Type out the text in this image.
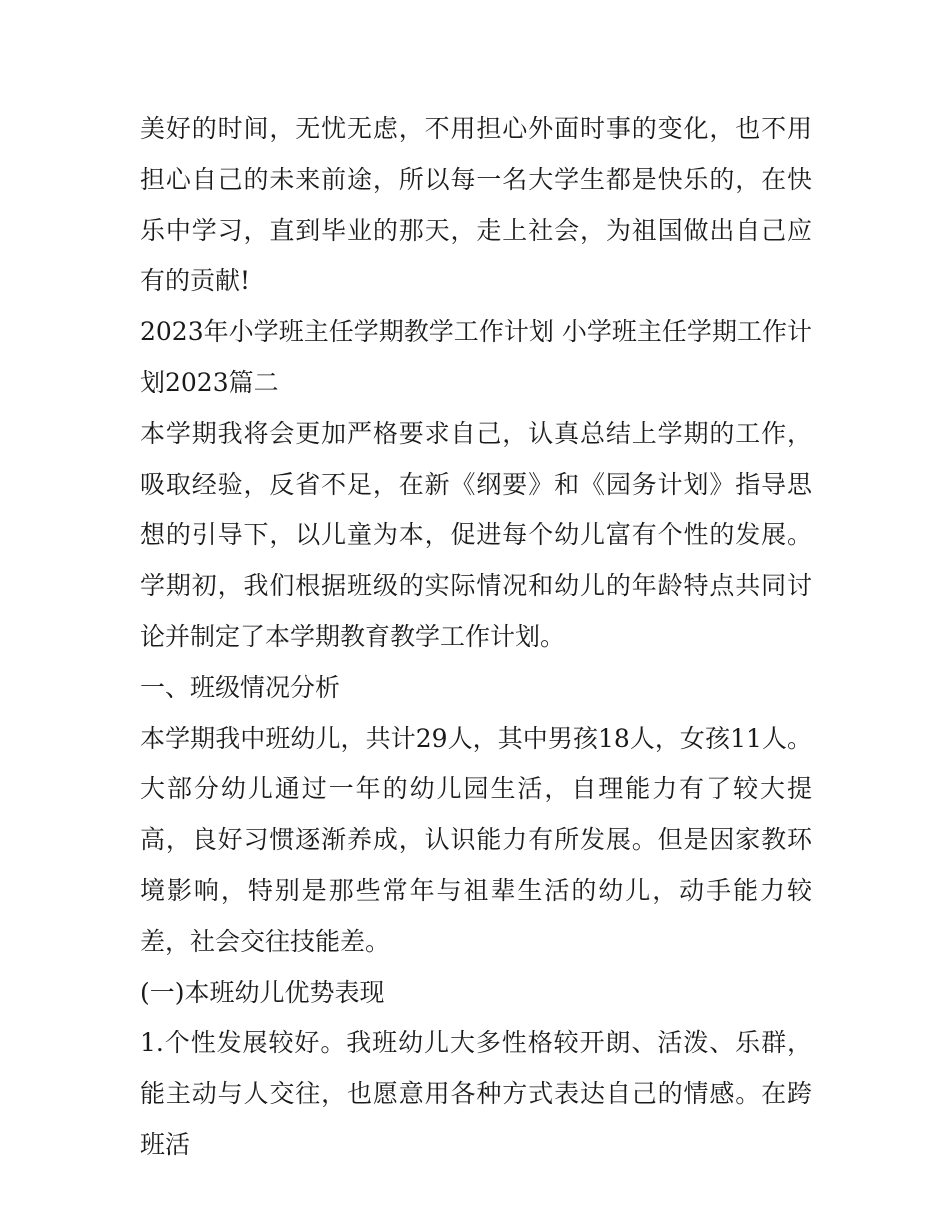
美好的时间，无忧无虑，不用担心外面时事的变化，也不用担心自己的未来前途，所以每一名大学生都是快乐的，在快乐中学习，直到毕业的那天，走上社会，为祖国做出自己应有的贡献!

2023年小学班主任学期教学工作计划 小学班主任学期工作计划2023篇二

本学期我将会更加严格要求自己，认真总结上学期的工作，吸取经验，反省不足，在新《纲要》和《园务计划》指导思想的引导下，以儿童为本，促进每个幼儿富有个性的发展。学期初，我们根据班级的实际情况和幼儿的年龄特点共同讨论并制定了本学期教育教学工作计划。

一、班级情况分析

本学期我中班幼儿，共计29人，其中男孩18人，女孩11人。大部分幼儿通过一年的幼儿园生活，自理能力有了较大提高，良好习惯逐渐养成，认识能力有所发展。但是因家教环境影响，特别是那些常年与祖辈生活的幼儿，动手能力较差，社会交往技能差。

(一)本班幼儿优势表现

1.个性发展较好。我班幼儿大多性格较开朗、活泼、乐群，能主动与人交往，也愿意用各种方式表达自己的情感。在跨班活
